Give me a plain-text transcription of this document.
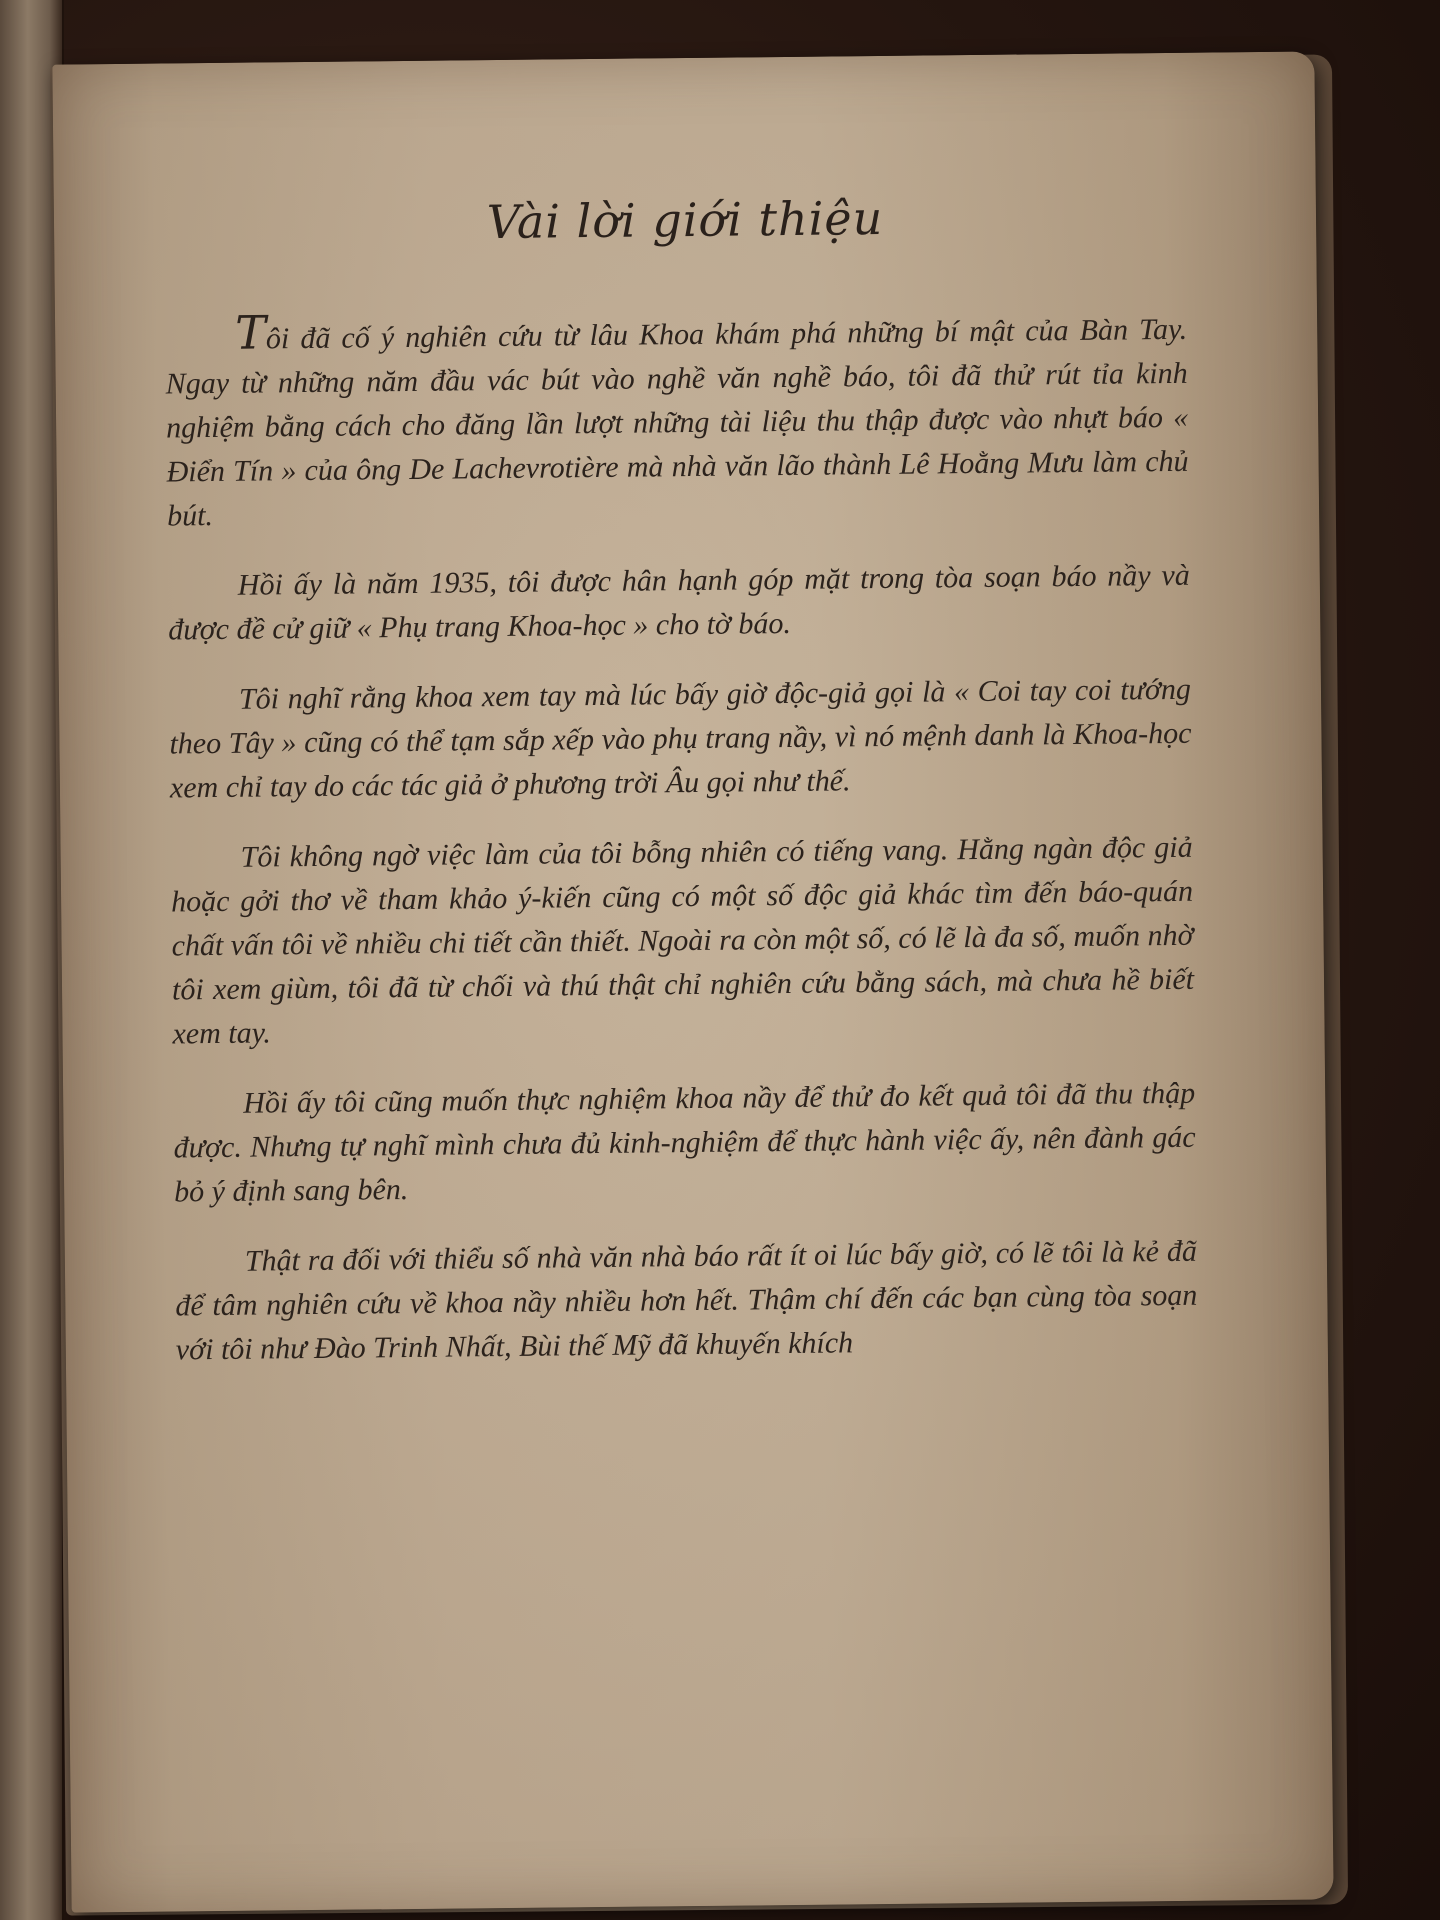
Vài lời giới thiệu

Tôi đã cố ý nghiên cứu từ lâu Khoa khám phá những bí mật của Bàn Tay. Ngay từ những năm đầu vác bút vào nghề văn nghề báo, tôi đã thử rút tỉa kinh nghiệm bằng cách cho đăng lần lượt những tài liệu thu thập được vào nhựt báo « Điển Tín » của ông De Lachevrotière mà nhà văn lão thành Lê Hoằng Mưu làm chủ bút.

Hồi ấy là năm 1935, tôi được hân hạnh góp mặt trong tòa soạn báo nầy và được đề cử giữ « Phụ trang Khoa-học » cho tờ báo.

Tôi nghĩ rằng khoa xem tay mà lúc bấy giờ độc-giả gọi là « Coi tay coi tướng theo Tây » cũng có thể tạm sắp xếp vào phụ trang nầy, vì nó mệnh danh là Khoa-học xem chỉ tay do các tác giả ở phương trời Âu gọi như thế.

Tôi không ngờ việc làm của tôi bỗng nhiên có tiếng vang. Hằng ngàn độc giả hoặc gởi thơ về tham khảo ý-kiến cũng có một số độc giả khác tìm đến báo-quán chất vấn tôi về nhiều chi tiết cần thiết. Ngoài ra còn một số, có lẽ là đa số, muốn nhờ tôi xem giùm, tôi đã từ chối và thú thật chỉ nghiên cứu bằng sách, mà chưa hề biết xem tay.

Hồi ấy tôi cũng muốn thực nghiệm khoa nầy để thử đo kết quả tôi đã thu thập được. Nhưng tự nghĩ mình chưa đủ kinh-nghiệm để thực hành việc ấy, nên đành gác bỏ ý định sang bên.

Thật ra đối với thiểu số nhà văn nhà báo rất ít oi lúc bấy giờ, có lẽ tôi là kẻ đã để tâm nghiên cứu về khoa nầy nhiều hơn hết. Thậm chí đến các bạn cùng tòa soạn với tôi như Đào Trinh Nhất, Bùi thế Mỹ đã khuyến khích
